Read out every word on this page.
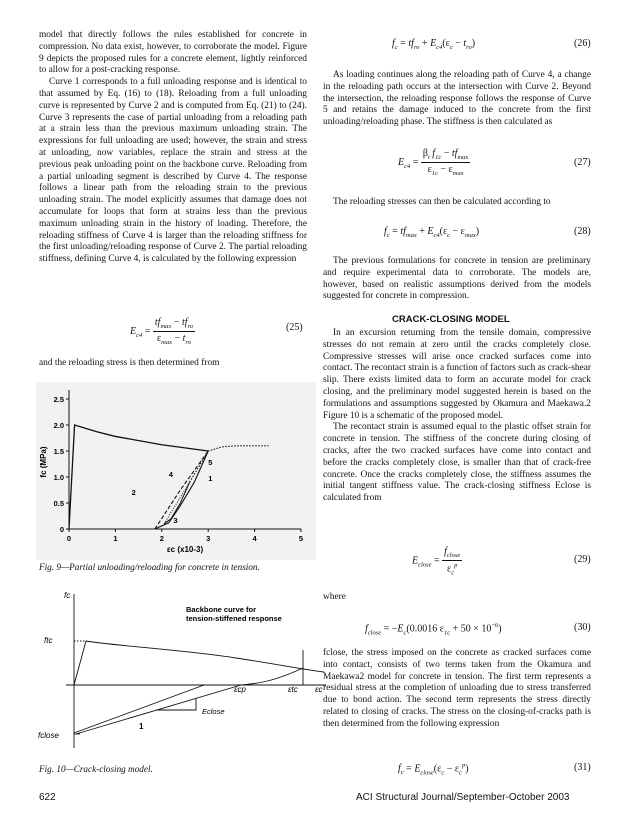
model that directly follows the rules established for concrete in compression. No data exist, however, to corroborate the model. Figure 9 depicts the proposed rules for a concrete element, lightly reinforced to allow for a post-cracking response.

Curve 1 corresponds to a full unloading response and is identical to that assumed by Eq. (16) to (18). Reloading from a full unloading curve is represented by Curve 2 and is computed from Eq. (21) to (24). Curve 3 represents the case of partial unloading from a reloading path at a strain less than the previous maximum unloading strain. The expressions for full unloading are used; however, the strain and stress at unloading, now variables, replace the strain and stress at the previous peak unloading point on the backbone curve. Reloading from a partial unloading segment is described by Curve 4. The response follows a linear path from the reloading strain to the previous unloading strain. The model explicitly assumes that damage does not accumulate for loops that form at strains less than the previous maximum unloading strain in the history of loading. Therefore, the reloading stiffness of Curve 4 is larger than the reloading stiffness for the first unloading/reloading response of Curve 2. The partial reloading stiffness, defining Curve 4, is calculated by the following expression

$E_{c4} = \frac{tf_{max} - tf_{ro}}{\varepsilon_{max} - t_{ro}}$	(25)
and the reloading stress is then determined from
0
0.5
1.0
1.5
2.0
2.5
0	1	2	3	4	5
1
2
3
4
5
fc (MPa)
εc (x10-3)
Fig. 9—Partial unloading/reloading for concrete in tension.
fc
ftc
fclose
Backbone curve for
tension-stiffened response
εcp	εtc εc
Eclose
1
Fig. 10—Crack-closing model.
$f_c = tf_{ro} + E_{c4}(\varepsilon_c - t_{ro})$	(26)

As loading continues along the reloading path of Curve 4, a change in the reloading path occurs at the intersection with Curve 2. Beyond the intersection, the reloading response follows the response of Curve 5 and retains the damage induced to the concrete from the first unloading/reloading phase. The stiffness is then calculated as

$E_{c4} = \frac{\beta_t f_{1c} - tf_{max}}{\varepsilon_{1c} - \varepsilon_{max}}$	(27)

The reloading stresses can then be calculated according to

$f_c = tf_{max} + E_{c4}(\varepsilon_c - \varepsilon_{max})$	(28)

The previous formulations for concrete in tension are preliminary and require experimental data to corroborate. The models are, however, based on realistic assumptions derived from the models suggested for concrete in compression.

CRACK-CLOSING MODEL

In an excursion returning from the tensile domain, compressive stresses do not remain at zero until the cracks completely close. Compressive stresses will arise once cracked surfaces come into contact. The recontact strain is a function of factors such as crack-shear slip. There exists limited data to form an accurate model for crack closing, and the preliminary model suggested herein is based on the formulations and assumptions suggested by Okamura and Maekawa.2 Figure 10 is a schematic of the proposed model.

The recontact strain is assumed equal to the plastic offset strain for concrete in tension. The stiffness of the concrete during closing of cracks, after the two cracked surfaces have come into contact and before the cracks completely close, is smaller than that of crack-free concrete. Once the cracks completely close, the stiffness assumes the initial tangent stiffness value. The crack-closing stiffness Eclose is calculated from

$E_{close} = \frac{f_{close}}{\varepsilon_c^p}$	(29)
where
$f_{close} = -E_c(0.0016$ $\varepsilon_{1c} + 50 \times 10^{-6}$)	(30)

fclose, the stress imposed on the concrete as cracked surfaces come into contact, consists of two terms taken from the Okamura and Maekawa2 model for concrete in tension. The first term represents a residual stress at the completion of unloading due to stress transferred due to bond action. The second term represents the stress directly related to closing of cracks. The stress on the closing-of-cracks path is then determined from the following expression

$f_c = E_{close}(\varepsilon_c - \varepsilon_c^p)$	(31)
622	ACI Structural Journal/September-October 2003
